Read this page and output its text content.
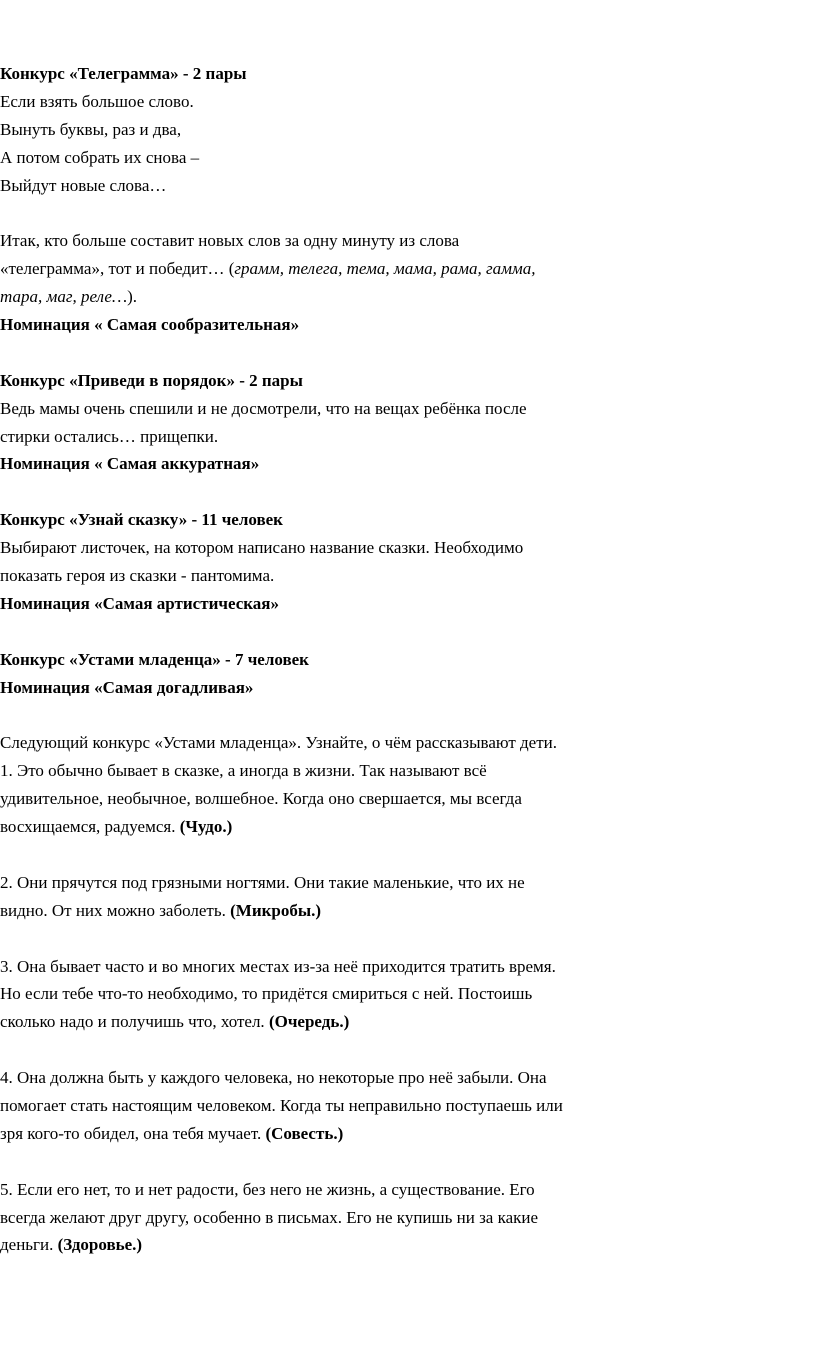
Конкурс «Телеграмма» - 2 пары
Если взять большое слово.
Вынуть буквы, раз и два,
А потом собрать их снова –
Выйдут новые слова…
Итак, кто больше составит новых слов за одну минуту из слова
«телеграмма», тот и победит… (грамм, телега, тема, мама, рама, гамма,
тара, маг, реле…).
Номинация « Самая сообразительная»
Конкурс «Приведи в порядок» - 2 пары
Ведь мамы очень спешили и не досмотрели, что на вещах ребёнка после
стирки остались… прищепки.
Номинация « Самая аккуратная»
Конкурс «Узнай сказку» - 11 человек
Выбирают листочек, на котором написано название сказки. Необходимо
показать героя из сказки - пантомима.
Номинация «Самая артистическая»
Конкурс «Устами младенца» - 7 человек
Номинация «Самая догадливая»
Следующий конкурс «Устами младенца». Узнайте, о чём рассказывают дети.
1. Это обычно бывает в сказке, а иногда в жизни. Так называют всё
удивительное, необычное, волшебное. Когда оно свершается, мы всегда
восхищаемся, радуемся. (Чудо.)
2. Они прячутся под грязными ногтями. Они такие маленькие, что их не
видно. От них можно заболеть. (Микробы.)
3. Она бывает часто и во многих местах из-за неё приходится тратить время.
Но если тебе что-то необходимо, то придётся смириться с ней. Постоишь
сколько надо и получишь что, хотел. (Очередь.)
4. Она должна быть у каждого человека, но некоторые про неё забыли. Она
помогает стать настоящим человеком. Когда ты неправильно поступаешь или
зря кого-то обидел, она тебя мучает. (Совесть.)
5. Если его нет, то и нет радости, без него не жизнь, а существование. Его
всегда желают друг другу, особенно в письмах. Его не купишь ни за какие
деньги. (Здоровье.)
